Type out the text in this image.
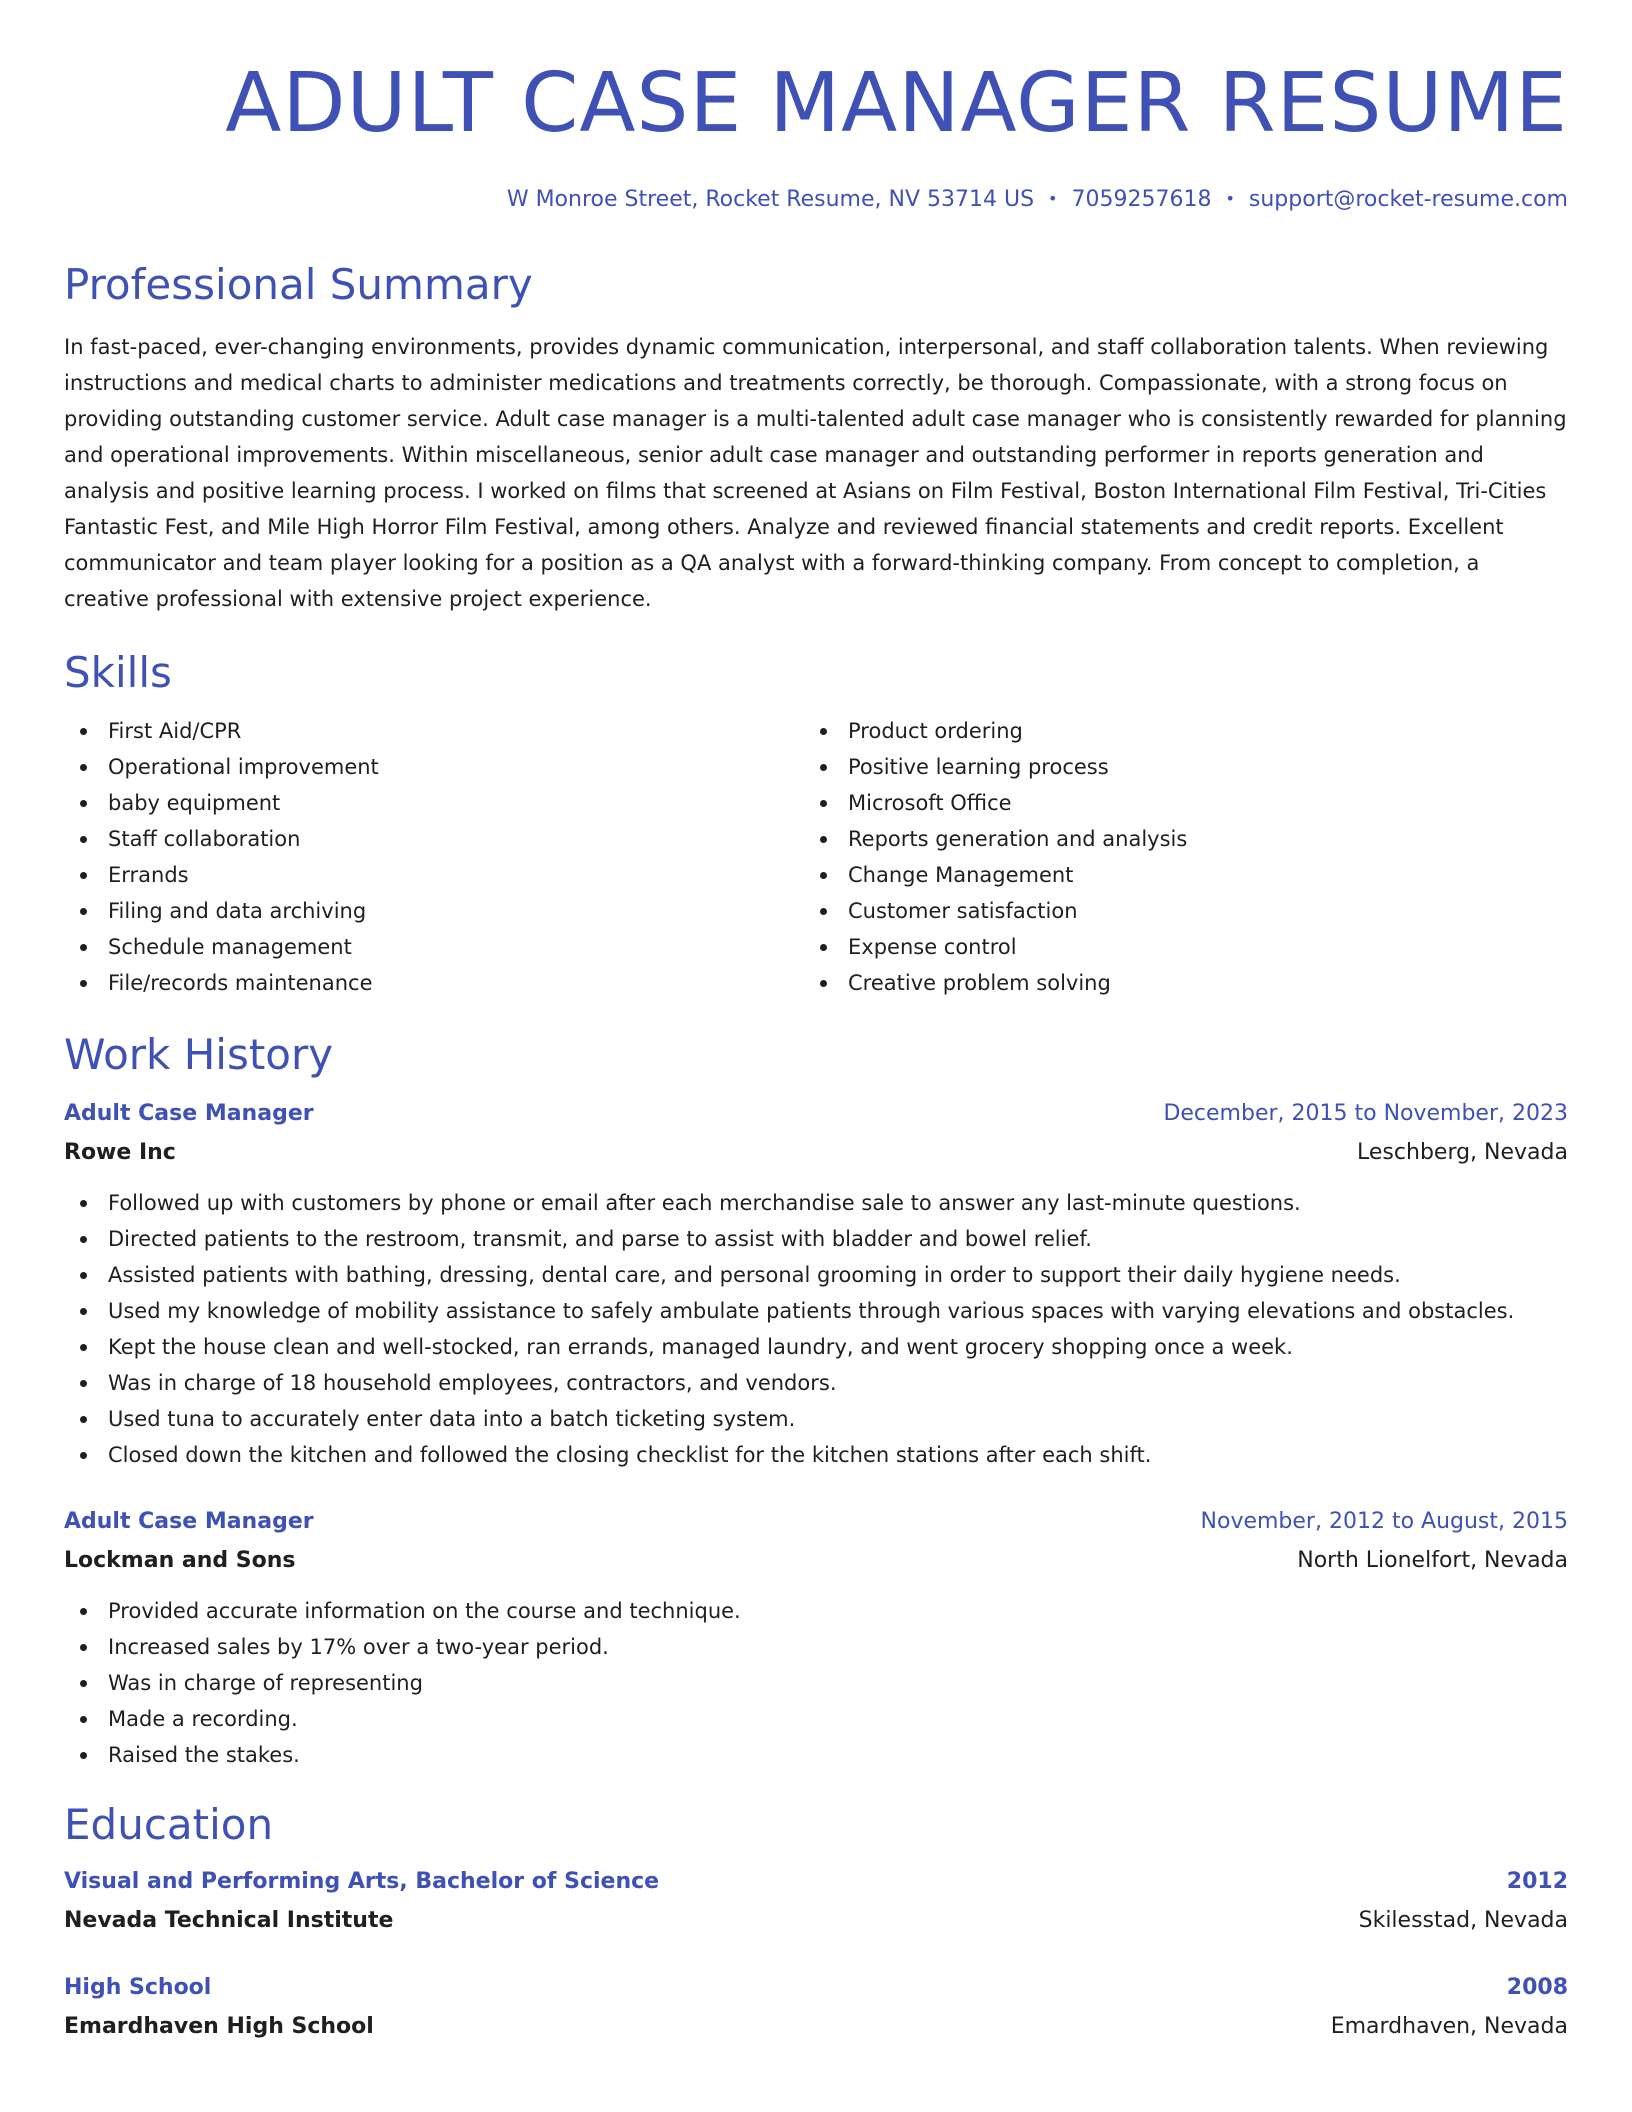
ADULT CASE MANAGER RESUME
W Monroe Street, Rocket Resume, NV 53714 US • 7059257618 • support@rocket-resume.com
Professional Summary
In fast-paced, ever-changing environments, provides dynamic communication, interpersonal, and staff collaboration talents. When reviewing instructions and medical charts to administer medications and treatments correctly, be thorough. Compassionate, with a strong focus on providing outstanding customer service. Adult case manager is a multi-talented adult case manager who is consistently rewarded for planning and operational improvements. Within miscellaneous, senior adult case manager and outstanding performer in reports generation and analysis and positive learning process. I worked on films that screened at Asians on Film Festival, Boston International Film Festival, Tri-Cities Fantastic Fest, and Mile High Horror Film Festival, among others. Analyze and reviewed financial statements and credit reports. Excellent communicator and team player looking for a position as a QA analyst with a forward-thinking company. From concept to completion, a creative professional with extensive project experience.
Skills
First Aid/CPR
Operational improvement
baby equipment
Staff collaboration
Errands
Filing and data archiving
Schedule management
File/records maintenance
Product ordering
Positive learning process
Microsoft Office
Reports generation and analysis
Change Management
Customer satisfaction
Expense control
Creative problem solving
Work History
Adult Case Manager	December, 2015 to November, 2023
Rowe Inc	Leschberg, Nevada
Followed up with customers by phone or email after each merchandise sale to answer any last-minute questions.
Directed patients to the restroom, transmit, and parse to assist with bladder and bowel relief.
Assisted patients with bathing, dressing, dental care, and personal grooming in order to support their daily hygiene needs.
Used my knowledge of mobility assistance to safely ambulate patients through various spaces with varying elevations and obstacles.
Kept the house clean and well-stocked, ran errands, managed laundry, and went grocery shopping once a week.
Was in charge of 18 household employees, contractors, and vendors.
Used tuna to accurately enter data into a batch ticketing system.
Closed down the kitchen and followed the closing checklist for the kitchen stations after each shift.
Adult Case Manager	November, 2012 to August, 2015
Lockman and Sons	North Lionelfort, Nevada
Provided accurate information on the course and technique.
Increased sales by 17% over a two-year period.
Was in charge of representing
Made a recording.
Raised the stakes.
Education
Visual and Performing Arts, Bachelor of Science	2012
Nevada Technical Institute	Skilesstad, Nevada
High School	2008
Emardhaven High School	Emardhaven, Nevada
